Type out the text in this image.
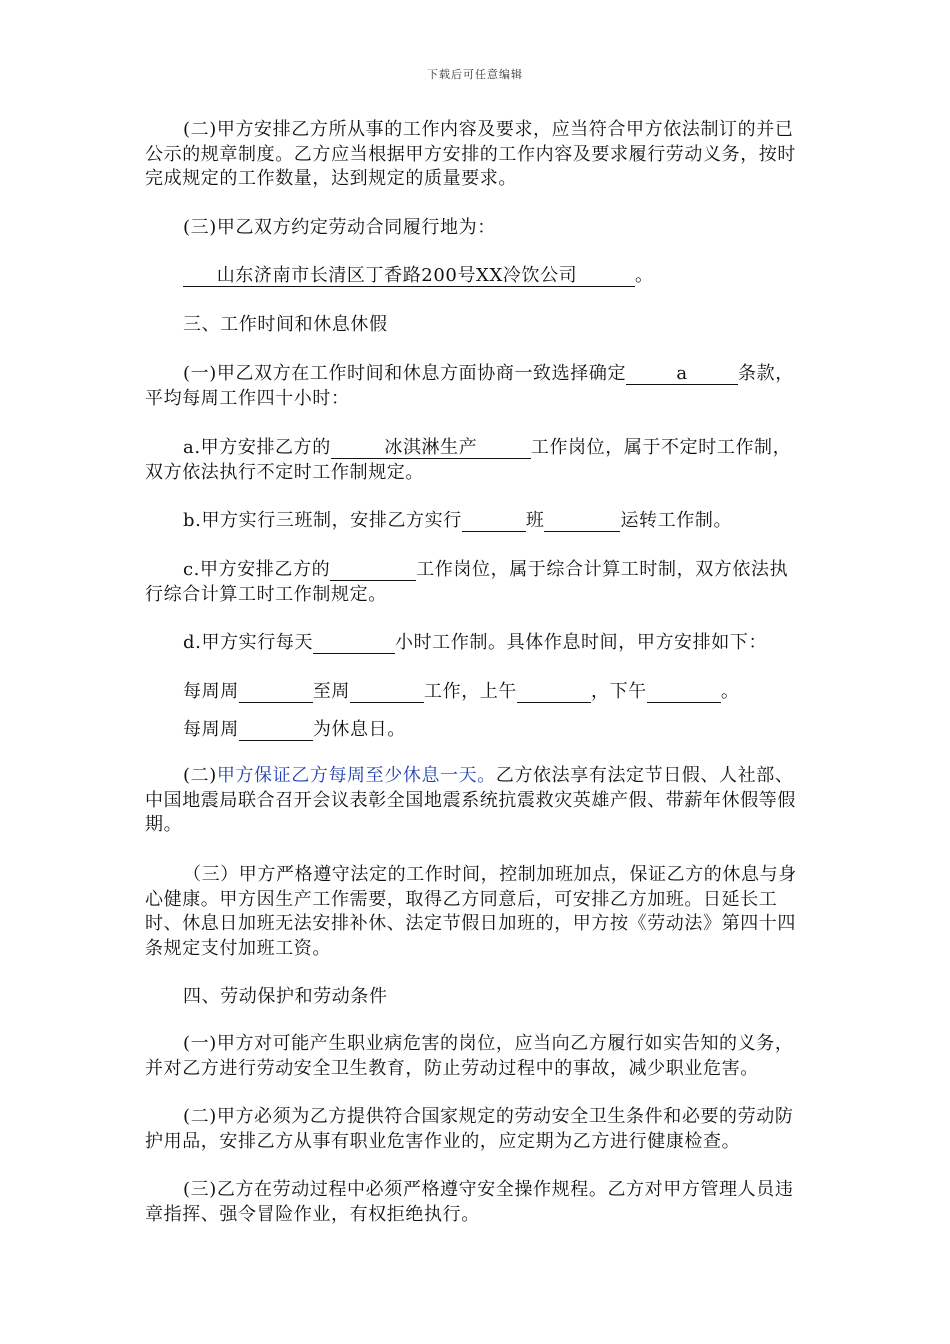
下载后可任意编辑

(二)甲方安排乙方所从事的工作内容及要求，应当符合甲方依法制订的并已公示的规章制度。乙方应当根据甲方安排的工作内容及要求履行劳动义务，按时完成规定的工作数量，达到规定的质量要求。

(三)甲乙双方约定劳动合同履行地为：

山东济南市长清区丁香路200号XX冷饮公司	。

三、工作时间和休息休假

(一)甲乙双方在工作时间和休息方面协商一致选择确定	a	条款，平均每周工作四十小时：

a.甲方安排乙方的	冰淇淋生产	工作岗位，属于不定时工作制，双方依法执行不定时工作制规定。

b.甲方实行三班制，安排乙方实行	班	运转工作制。

c.甲方安排乙方的	工作岗位，属于综合计算工时制，双方依法执行综合计算工时工作制规定。

d.甲方实行每天	小时工作制。具体作息时间，甲方安排如下：

每周周	至周	工作，上午	，下午	。

每周周	为休息日。

(二)甲方保证乙方每周至少休息一天。乙方依法享有法定节日假、人社部、中国地震局联合召开会议表彰全国地震系统抗震救灾英雄产假、带薪年休假等假期。

（三）甲方严格遵守法定的工作时间，控制加班加点，保证乙方的休息与身心健康。甲方因生产工作需要，取得乙方同意后，可安排乙方加班。日延长工时、休息日加班无法安排补休、法定节假日加班的，甲方按《劳动法》第四十四条规定支付加班工资。

四、劳动保护和劳动条件

(一)甲方对可能产生职业病危害的岗位，应当向乙方履行如实告知的义务，并对乙方进行劳动安全卫生教育，防止劳动过程中的事故，减少职业危害。

(二)甲方必须为乙方提供符合国家规定的劳动安全卫生条件和必要的劳动防护用品，安排乙方从事有职业危害作业的，应定期为乙方进行健康检查。

(三)乙方在劳动过程中必须严格遵守安全操作规程。乙方对甲方管理人员违章指挥、强令冒险作业，有权拒绝执行。
